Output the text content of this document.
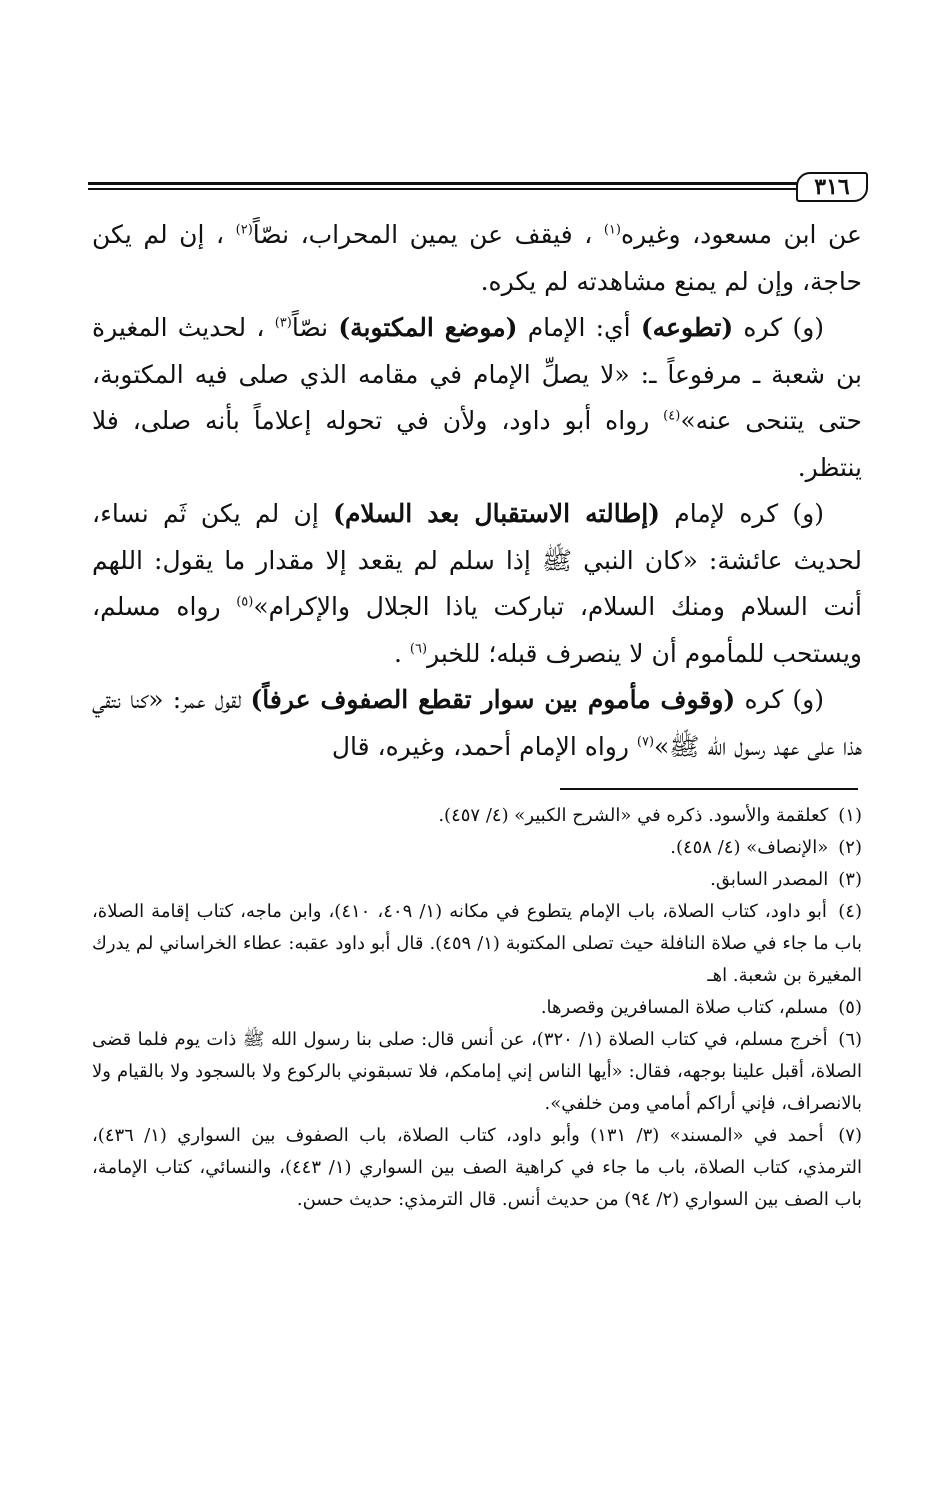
٣١٦

عن ابن مسعود، وغيره$^{(١)}$ ، فيقف عن يمين المحراب، نصّاً$^{(٢)}$ ، إن لم يكن حاجة، وإن لم يمنع مشاهدته لم يكره.

(و) كره (تطوعه) أي: الإمام (موضع المكتوبة) نصّاً$^{(٣)}$ ، لحديث المغيرة بن شعبة ـ مرفوعاً ـ: «لا يصلِّ الإمام في مقامه الذي صلى فيه المكتوبة، حتى يتنحى عنه»$^{(٤)}$ رواه أبو داود، ولأن في تحوله إعلاماً بأنه صلى، فلا ينتظر.

(و) كره لإمام (إطالته الاستقبال بعد السلام) إن لم يكن ثَم نساء، لحديث عائشة: «كان النبي ﷺ إذا سلم لم يقعد إلا مقدار ما يقول: اللهم أنت السلام ومنك السلام، تباركت ياذا الجلال والإكرام»$^{(٥)}$ رواه مسلم، ويستحب للمأموم أن لا ينصرف قبله؛ للخبر$^{(٦)}$ .

(و) كره (وقوف مأموم بين سوار تقطع الصفوف عرفاً) لقول عمر: «كنا نتقي هذا على عهد رسول الله ﷺ»$^{(٧)}$ رواه الإمام أحمد، وغيره، قال

(١) كعلقمة والأسود. ذكره في «الشرح الكبير» (٤/ ٤٥٧).

(٢) «الإنصاف» (٤/ ٤٥٨).

(٣) المصدر السابق.

(٤) أبو داود، كتاب الصلاة، باب الإمام يتطوع في مكانه (١/ ٤٠٩، ٤١٠)، وابن ماجه، كتاب إقامة الصلاة، باب ما جاء في صلاة النافلة حيث تصلى المكتوبة (١/ ٤٥٩). قال أبو داود عقبه: عطاء الخراساني لم يدرك المغيرة بن شعبة. اهـ

(٥) مسلم، كتاب صلاة المسافرين وقصرها.

(٦) أخرج مسلم، في كتاب الصلاة (١/ ٣٢٠)، عن أنس قال: صلى بنا رسول الله ﷺ ذات يوم فلما قضى الصلاة، أقبل علينا بوجهه، فقال: «أيها الناس إني إمامكم، فلا تسبقوني بالركوع ولا بالسجود ولا بالقيام ولا بالانصراف، فإني أراكم أمامي ومن خلفي».

(٧) أحمد في «المسند» (٣/ ١٣١) وأبو داود، كتاب الصلاة، باب الصفوف بين السواري (١/ ٤٣٦)، الترمذي، كتاب الصلاة، باب ما جاء في كراهية الصف بين السواري (١/ ٤٤٣)، والنسائي، كتاب الإمامة، باب الصف بين السواري (٢/ ٩٤) من حديث أنس. قال الترمذي: حديث حسن.
